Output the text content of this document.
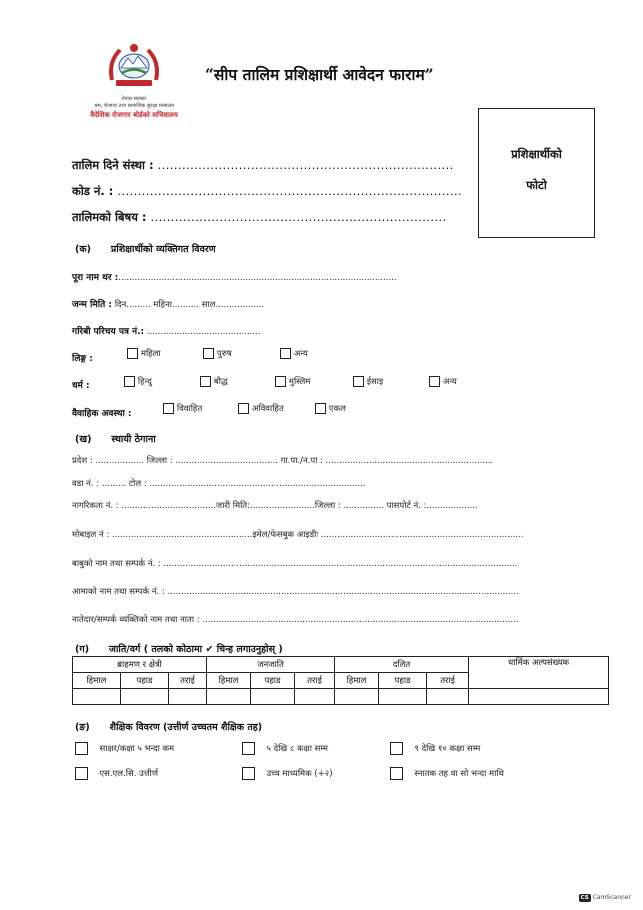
नेपाल सरकार
श्रम, रोजगार तथा सामाजिक सुरक्षा मन्त्रालय
वैदेशिक रोजगार बोर्डको सचिवालय
“सीप तालिम प्रशिक्षार्थी आवेदन फाराम”
प्रशिक्षार्थीको
फोटो
तालिम दिने संस्था : .........................................................................
कोड नं. : .....................................................................................
तालिमको बिषय : .........................................................................
(क) प्रशिक्षार्थीको व्यक्तिगत विवरण
पूरा नाम थर :.......................................................................................................
जन्म मिति : दिन......... महिना.......... साल..................
गरिबी परिचय पत्र नं.: ..........................................
लिङ्ग :	महिला	पुरुष	अन्य
धर्म :	हिन्दु	बौद्ध	मुस्लिम	ईसाइ	अन्य
वैवाहिक अवस्था :	विवाहित	अविवाहित	एकल
(ख) स्थायी ठेगाना
प्रदेश : .................. जिल्ला : ...................................... गा.पा./न.पा : ..............................................................
वडा नं. : ......... टोल : ................................................................................
नागरिकता नं. : ...................................जारी मिति:........................जिल्ला : ............... पासपोर्ट नं. :...................
मोबाइल नं : ....................................................इमेल/फेसबुक आइडीः ...........................................................................
बाबुको नाम तथा सम्पर्क नं. : ...................................................................................................................................
आमाको नाम तथा सम्पर्क नं. : ..................................................................................................................................
नातेदार/सम्पर्क व्यक्तिको नाम तथा नाता : .....................................................................................................................
(ग) जाति/वर्ग ( तलको कोठामा ✔ चिन्ह लगाउनुहोस् )
ब्राहमण र क्षेत्री			जनजाति			दलित			धार्मिक अल्पसंख्यक
हिमाल	पहाड	तराई	हिमाल	पहाड	तराई	हिमाल	पहाड	तराई	

(ङ) शैक्षिक विवरण (उत्तीर्ण उच्चतम शैक्षिक तह)
साक्षर/कक्षा ५ भन्दा कम	५ देखि ८ कक्षा सम्म	९ देखि १० कक्षा सम्म
एस.एल.सि. उत्तीर्ण	उच्च माध्यमिक (+२)	स्नातक तह वा सो भन्दा माथि
CS CamScanner
